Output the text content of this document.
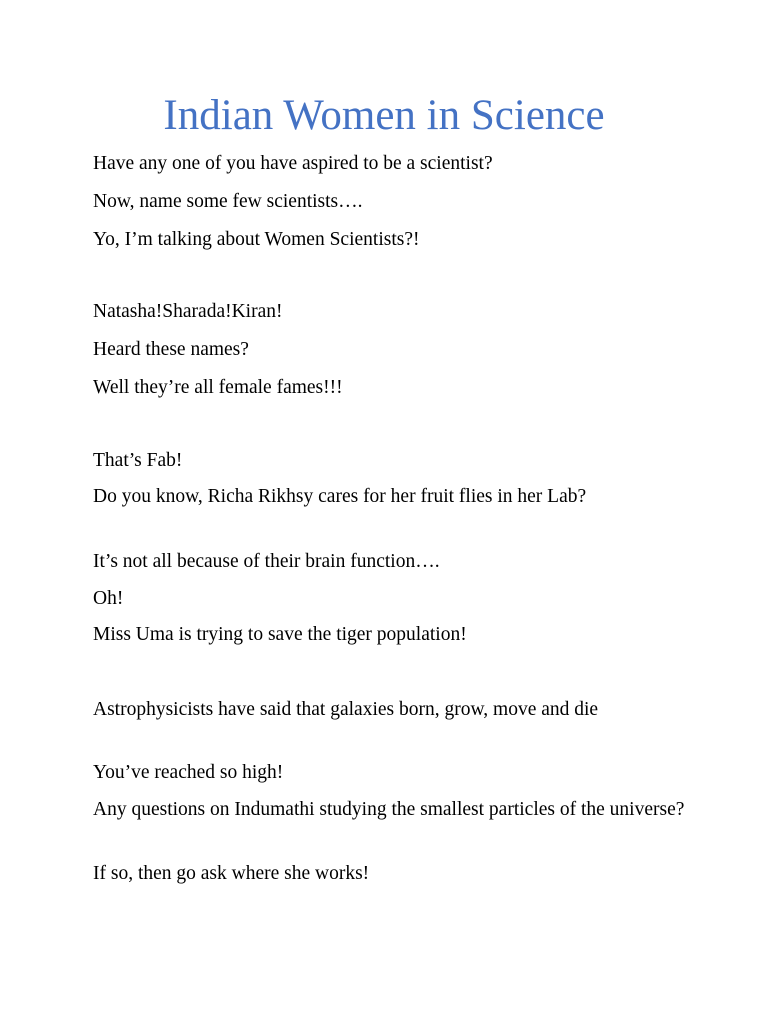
Indian Women in Science

Have any one of you have aspired to be a scientist?

Now, name some few scientists….

Yo, I’m talking about Women Scientists?!

Natasha!Sharada!Kiran!

Heard these names?

Well they’re all female fames!!!

That’s Fab!

Do you know, Richa Rikhsy cares for her fruit flies in her Lab?

It’s not all because of their brain function….

Oh!

Miss Uma is trying to save the tiger population!

Astrophysicists have said that galaxies born, grow, move and die

You’ve reached so high!

Any questions on Indumathi studying the smallest particles of the universe?

If so, then go ask where she works!
